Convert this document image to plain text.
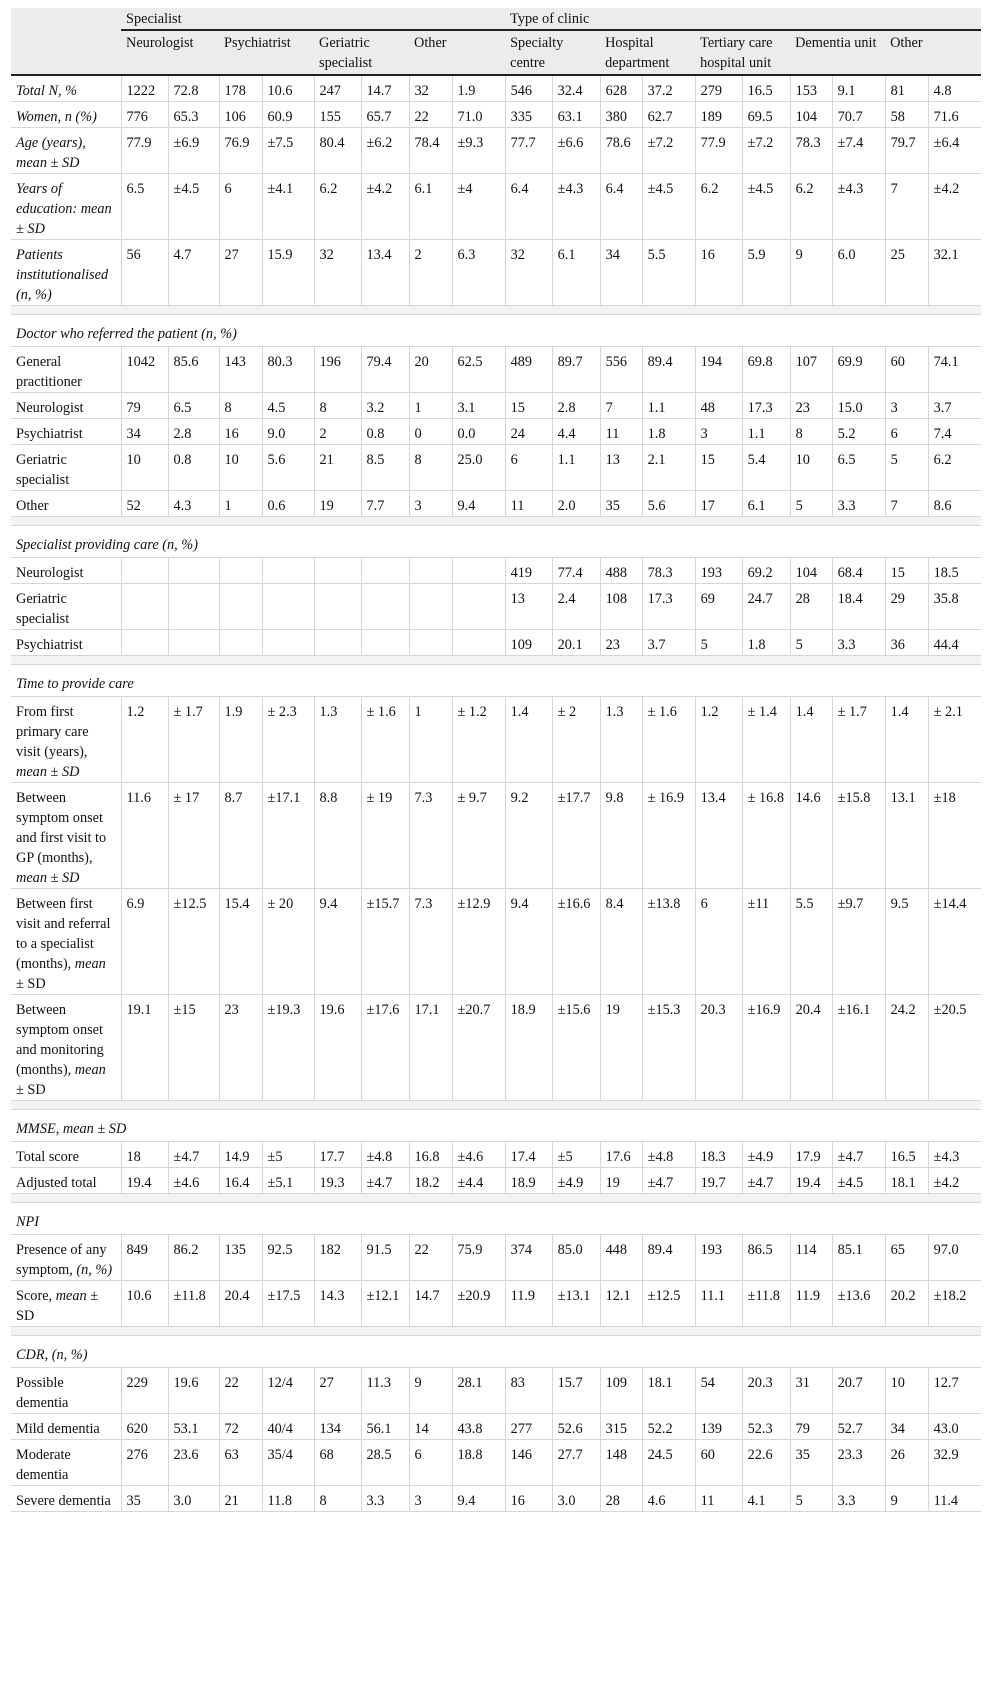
	Specialist								Type of clinic									
	Neurologist		Psychiatrist		Geriatric specialist		Other		Specialty centre		Hospital department		Tertiary care hospital unit		Dementia unit		Other	
Total N, %	1222	72.8	178	10.6	247	14.7	32	1.9	546	32.4	628	37.2	279	16.5	153	9.1	81	4.8
Women, n (%)	776	65.3	106	60.9	155	65.7	22	71.0	335	63.1	380	62.7	189	69.5	104	70.7	58	71.6
Age (years), mean ± SD	77.9	±6.9	76.9	±7.5	80.4	±6.2	78.4	±9.3	77.7	±6.6	78.6	±7.2	77.9	±7.2	78.3	±7.4	79.7	±6.4
Years of education: mean ± SD	6.5	±4.5	6	±4.1	6.2	±4.2	6.1	±4	6.4	±4.3	6.4	±4.5	6.2	±4.5	6.2	±4.3	7	±4.2
Patients institutionalised (n, %)	56	4.7	27	15.9	32	13.4	2	6.3	32	6.1	34	5.5	16	5.9	9	6.0	25	32.1

Doctor who referred the patient (n, %)																		
General practitioner	1042	85.6	143	80.3	196	79.4	20	62.5	489	89.7	556	89.4	194	69.8	107	69.9	60	74.1
Neurologist	79	6.5	8	4.5	8	3.2	1	3.1	15	2.8	7	1.1	48	17.3	23	15.0	3	3.7
Psychiatrist	34	2.8	16	9.0	2	0.8	0	0.0	24	4.4	11	1.8	3	1.1	8	5.2	6	7.4
Geriatric specialist	10	0.8	10	5.6	21	8.5	8	25.0	6	1.1	13	2.1	15	5.4	10	6.5	5	6.2
Other	52	4.3	1	0.6	19	7.7	3	9.4	11	2.0	35	5.6	17	6.1	5	3.3	7	8.6

Specialist providing care (n, %)																		
Neurologist									419	77.4	488	78.3	193	69.2	104	68.4	15	18.5
Geriatric specialist									13	2.4	108	17.3	69	24.7	28	18.4	29	35.8
Psychiatrist									109	20.1	23	3.7	5	1.8	5	3.3	36	44.4

Time to provide care																		
From first primary care visit (years), mean ± SD	1.2	± 1.7	1.9	± 2.3	1.3	± 1.6	1	± 1.2	1.4	± 2	1.3	± 1.6	1.2	± 1.4	1.4	± 1.7	1.4	± 2.1
Between symptom onset and first visit to GP (months), mean ± SD	11.6	± 17	8.7	±17.1	8.8	± 19	7.3	± 9.7	9.2	±17.7	9.8	± 16.9	13.4	± 16.8	14.6	±15.8	13.1	±18
Between first visit and referral to a specialist (months), mean ± SD	6.9	±12.5	15.4	± 20	9.4	±15.7	7.3	±12.9	9.4	±16.6	8.4	±13.8	6	±11	5.5	±9.7	9.5	±14.4
Between symptom onset and monitoring (months), mean ± SD	19.1	±15	23	±19.3	19.6	±17.6	17.1	±20.7	18.9	±15.6	19	±15.3	20.3	±16.9	20.4	±16.1	24.2	±20.5

MMSE, mean ± SD																		
Total score	18	±4.7	14.9	±5	17.7	±4.8	16.8	±4.6	17.4	±5	17.6	±4.8	18.3	±4.9	17.9	±4.7	16.5	±4.3
Adjusted total	19.4	±4.6	16.4	±5.1	19.3	±4.7	18.2	±4.4	18.9	±4.9	19	±4.7	19.7	±4.7	19.4	±4.5	18.1	±4.2

NPI																		
Presence of any symptom, (n, %)	849	86.2	135	92.5	182	91.5	22	75.9	374	85.0	448	89.4	193	86.5	114	85.1	65	97.0
Score, mean ± SD	10.6	±11.8	20.4	±17.5	14.3	±12.1	14.7	±20.9	11.9	±13.1	12.1	±12.5	11.1	±11.8	11.9	±13.6	20.2	±18.2

CDR, (n, %)																		
Possible dementia	229	19.6	22	12/4	27	11.3	9	28.1	83	15.7	109	18.1	54	20.3	31	20.7	10	12.7
Mild dementia	620	53.1	72	40/4	134	56.1	14	43.8	277	52.6	315	52.2	139	52.3	79	52.7	34	43.0
Moderate dementia	276	23.6	63	35/4	68	28.5	6	18.8	146	27.7	148	24.5	60	22.6	35	23.3	26	32.9
Severe dementia	35	3.0	21	11.8	8	3.3	3	9.4	16	3.0	28	4.6	11	4.1	5	3.3	9	11.4
